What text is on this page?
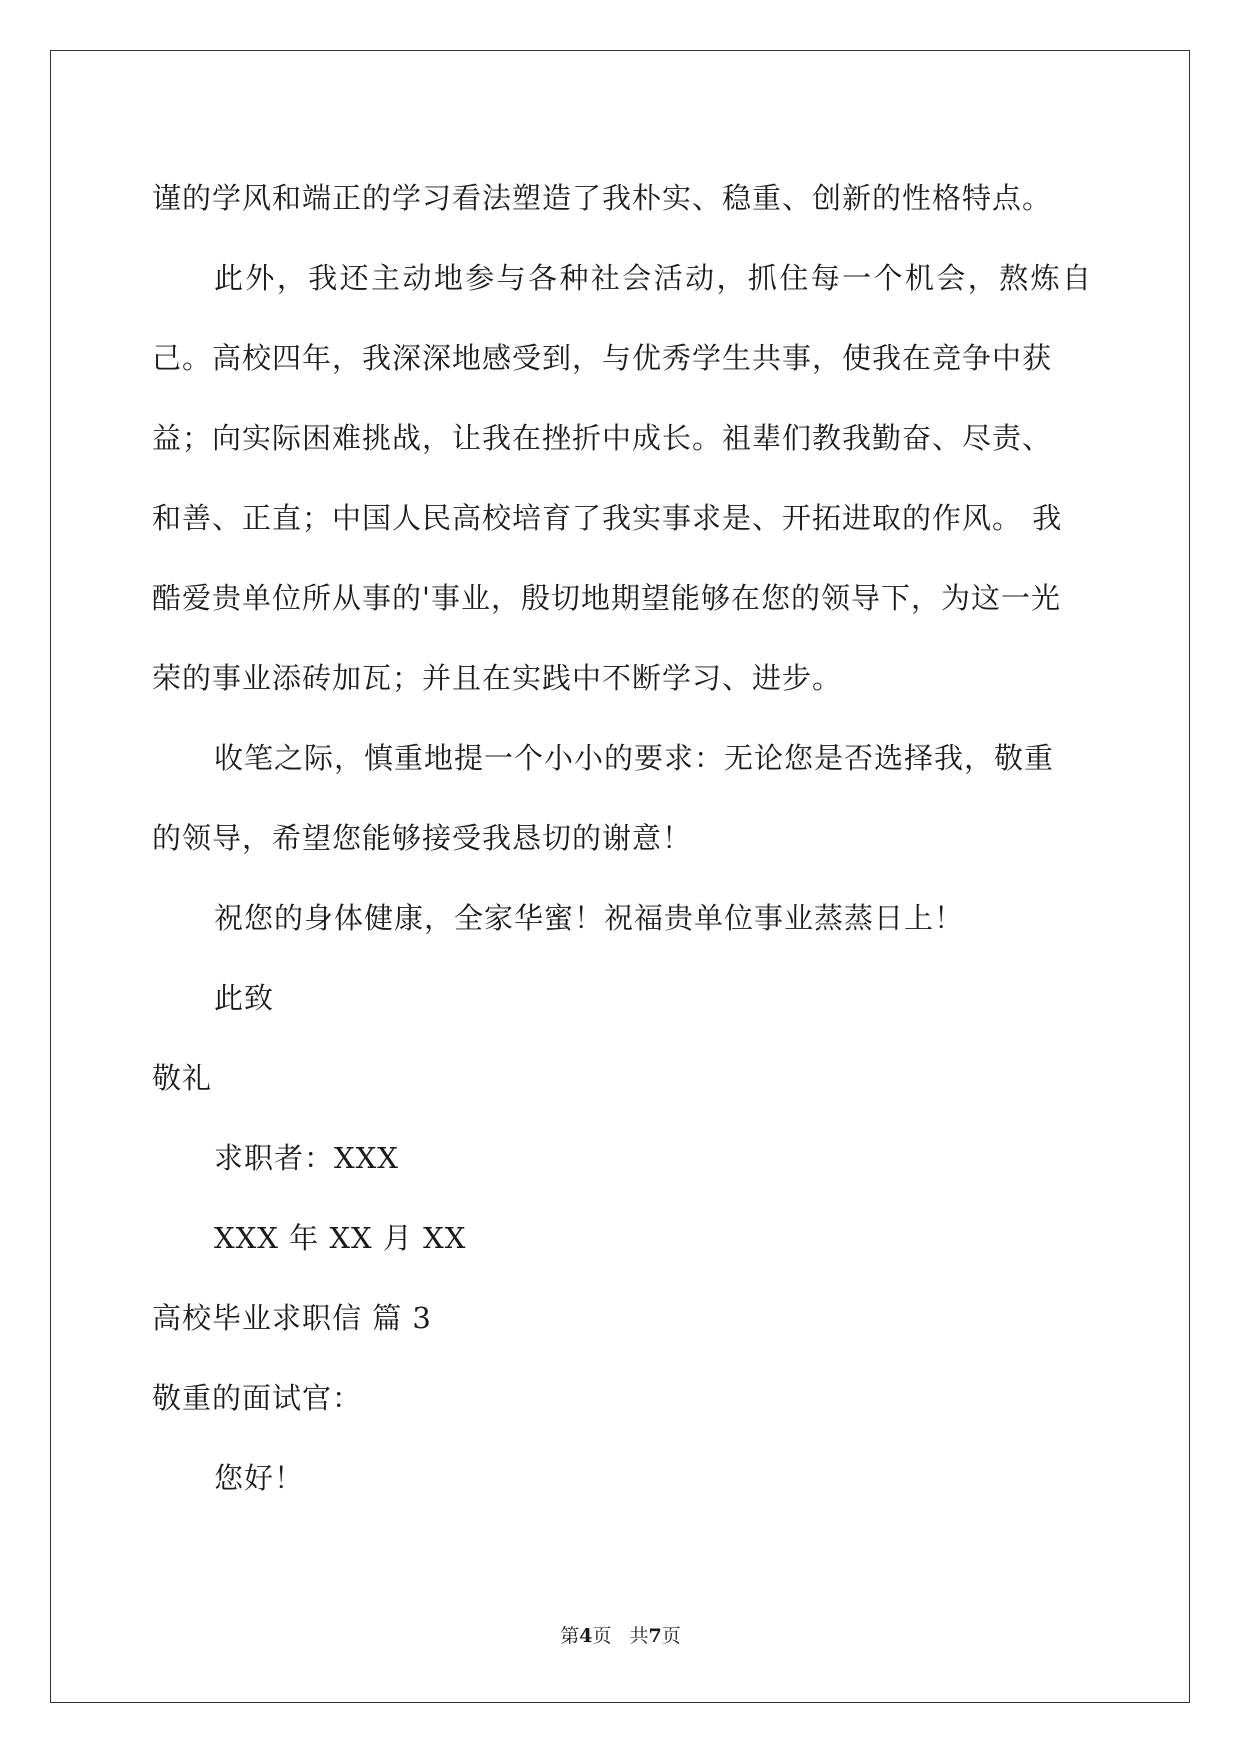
谨的学风和端正的学习看法塑造了我朴实、稳重、创新的性格特点。
此 外 ， 我 还 主 动 地 参 与 各 种 社 会 活 动 ， 抓 住 每 一 个 机 会 ， 熬 炼 自
己。高校四年，我深深地感受到，与优秀学生共事，使我在竞争中获
益；向实际困难挑战，让我在挫折中成长。祖辈们教我勤奋、尽责、
和善、正直；中国人民高校培育了我实事求是、开拓进取的作风。 我
酷爱贵单位所从事的'事业，殷切地期望能够在您的领导下，为这一光
荣的事业添砖加瓦；并且在实践中不断学习、进步。
收笔之际，慎重地提一个小小的要求：无论您是否选择我，敬重
的领导，希望您能够接受我恳切的谢意！
祝您的身体健康，全家华蜜！祝福贵单位事业蒸蒸日上！
此致
敬礼
求职者：XXX
XXX 年 XX 月 XX
高校毕业求职信 篇 3
敬重的面试官：
您好！
第4页 共7页
